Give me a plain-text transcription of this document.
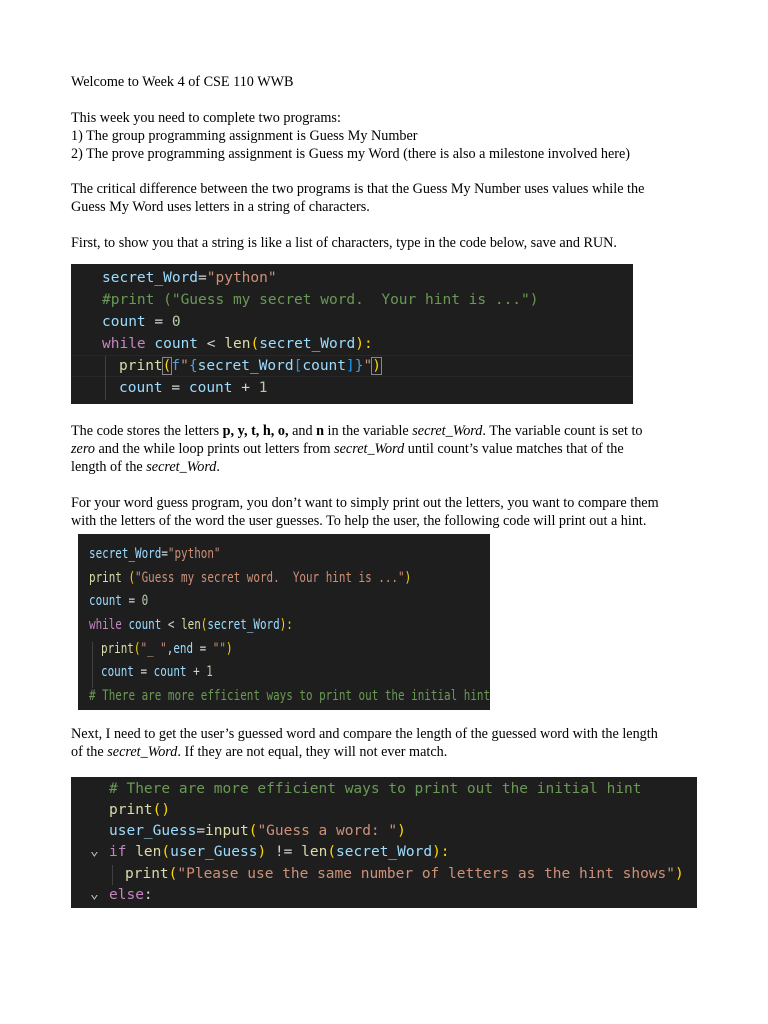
Welcome to Week 4 of CSE 110 WWB
This week you need to complete two programs:
1) The group programming assignment is Guess My Number
2) The prove programming assignment is Guess my Word (there is also a milestone involved here)
The critical difference between the two programs is that the Guess My Number uses values while the
Guess My Word uses letters in a string of characters.
First, to show you that a string is like a list of characters, type in the code below, save and RUN.

secret_Word="python"

#print ("Guess my secret word.  Your hint is ...")

count = 0

while count < len(secret_Word):

print(f"{secret_Word[count]}")

count = count + 1

The code stores the letters p, y, t, h, o, and n in the variable secret_Word. The variable count is set to
zero and the while loop prints out letters from secret_Word until count’s value matches that of the
length of the secret_Word.
For your word guess program, you don’t want to simply print out the letters, you want to compare them
with the letters of the word the user guesses. To help the user, the following code will print out a hint.

secret_Word="python"

print ("Guess my secret word.  Your hint is ...")

count = 0

while count < len(secret_Word):

print("_ ",end = "")

count = count + 1

# There are more efficient ways to print out the initial hint

Next, I need to get the user’s guessed word and compare the length of the guessed word with the length
of the secret_Word. If they are not equal, they will not ever match.

# There are more efficient ways to print out the initial hint

print()

user_Guess=input("Guess a word: ")

⌄

if len(user_Guess) != len(secret_Word):

print("Please use the same number of letters as the hint shows")

⌄

else:
